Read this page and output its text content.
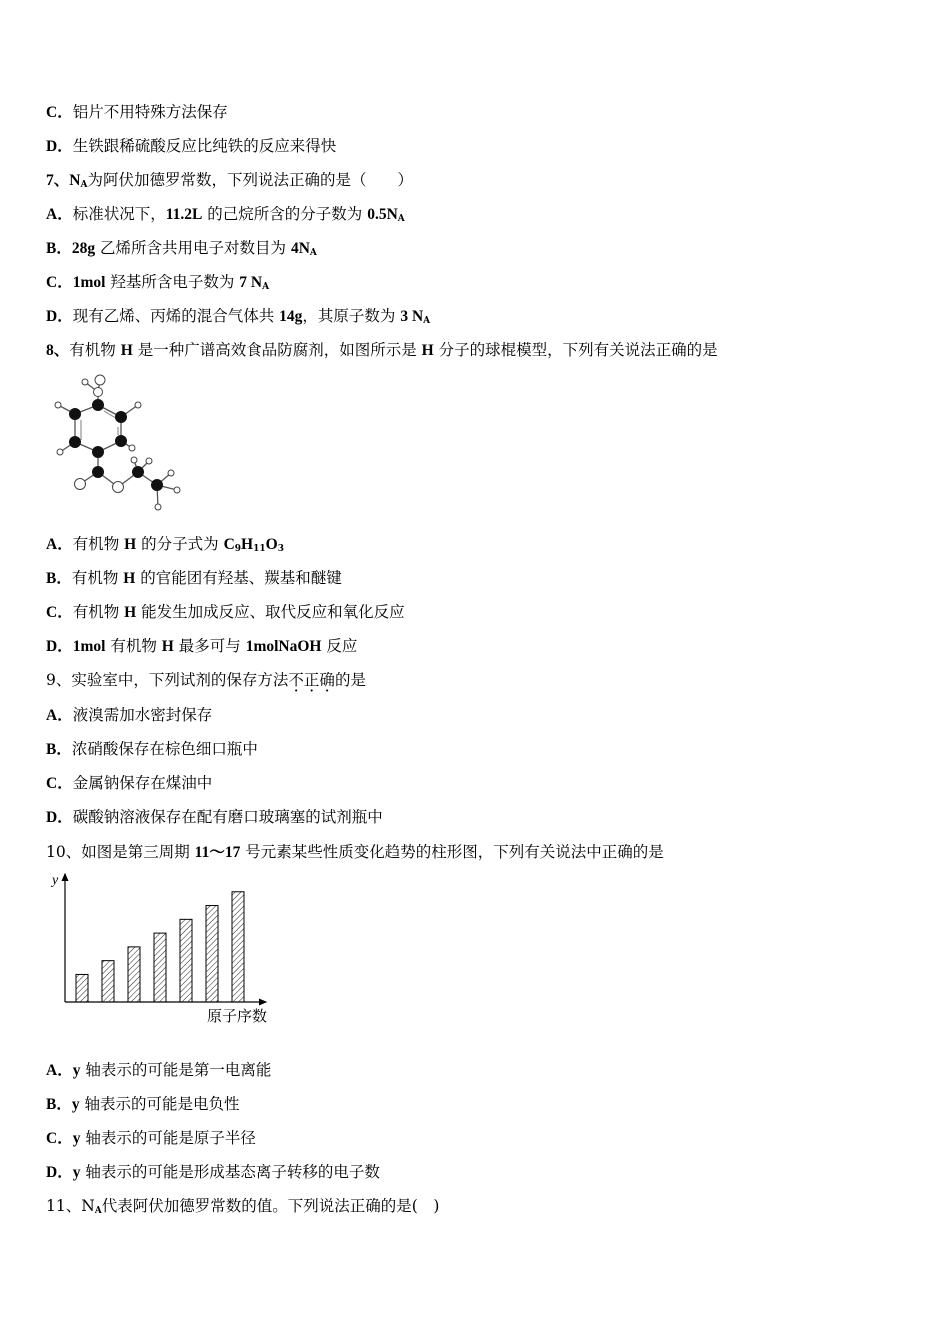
C．铝片不用特殊方法保存
D．生铁跟稀硫酸反应比纯铁的反应来得快
7、$N_A$为阿伏加德罗常数，下列说法正确的是（　　）
A．标准状况下，11.2L 的己烷所含的分子数为 $0.5N_A$
B．28g 乙烯所含共用电子对数目为 $4N_A$
C．1mol 羟基所含电子数为 7 $N_A$
D．现有乙烯、丙烯的混合气体共 14g，其原子数为 3 $N_A$
8、有机物 H 是一种广谱高效食品防腐剂，如图所示是 H 分子的球棍模型，下列有关说法正确的是
A．有机物 H 的分子式为 $C_9H_{11}O_3$
B．有机物 H 的官能团有羟基、羰基和醚键
C．有机物 H 能发生加成反应、取代反应和氧化反应
D．1mol 有机物 H 最多可与 1molNaOH 反应
9、实验室中，下列试剂的保存方法不正确的是
A．液溴需加水密封保存
B．浓硝酸保存在棕色细口瓶中
C．金属钠保存在煤油中
D．碳酸钠溶液保存在配有磨口玻璃塞的试剂瓶中
10、如图是第三周期 11～17 号元素某些性质变化趋势的柱形图，下列有关说法中正确的是
y
原子序数
A．y 轴表示的可能是第一电离能
B．y 轴表示的可能是电负性
C．y 轴表示的可能是原子半径
D．y 轴表示的可能是形成基态离子转移的电子数
11、$N_A$代表阿伏加德罗常数的值。下列说法正确的是(　)
